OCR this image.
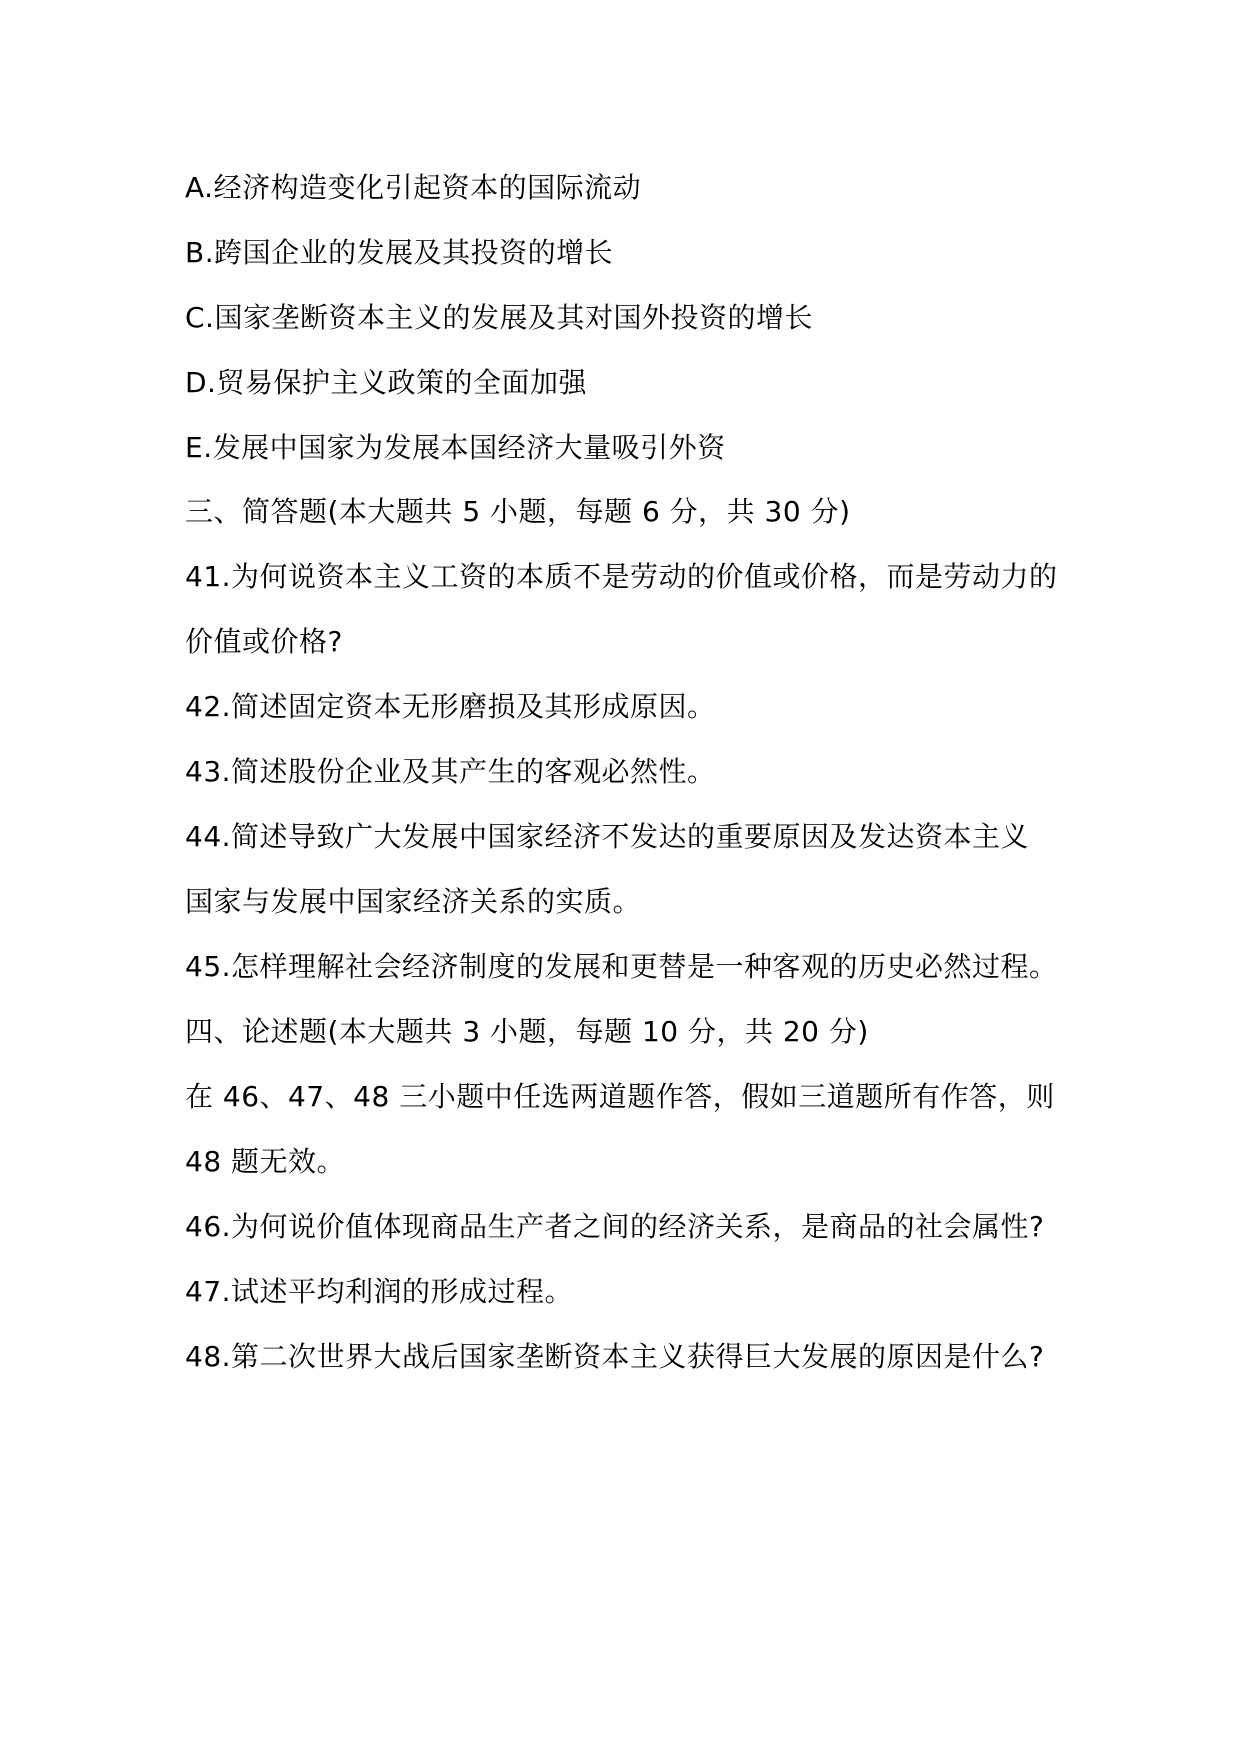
A.经济构造变化引起资本的国际流动
B.跨国企业的发展及其投资的增长
C.国家垄断资本主义的发展及其对国外投资的增长
D.贸易保护主义政策的全面加强
E.发展中国家为发展本国经济大量吸引外资
三、简答题(本大题共 5 小题，每题 6 分，共 30 分)
41.为何说资本主义工资的本质不是劳动的价值或价格，而是劳动力的
价值或价格?
42.简述固定资本无形磨损及其形成原因。
43.简述股份企业及其产生的客观必然性。
44.简述导致广大发展中国家经济不发达的重要原因及发达资本主义
国家与发展中国家经济关系的实质。
45.怎样理解社会经济制度的发展和更替是一种客观的历史必然过程。
四、论述题(本大题共 3 小题，每题 10 分，共 20 分)
在 46、47、48 三小题中任选两道题作答，假如三道题所有作答，则
48 题无效。
46.为何说价值体现商品生产者之间的经济关系，是商品的社会属性?
47.试述平均利润的形成过程。
48.第二次世界大战后国家垄断资本主义获得巨大发展的原因是什么?
